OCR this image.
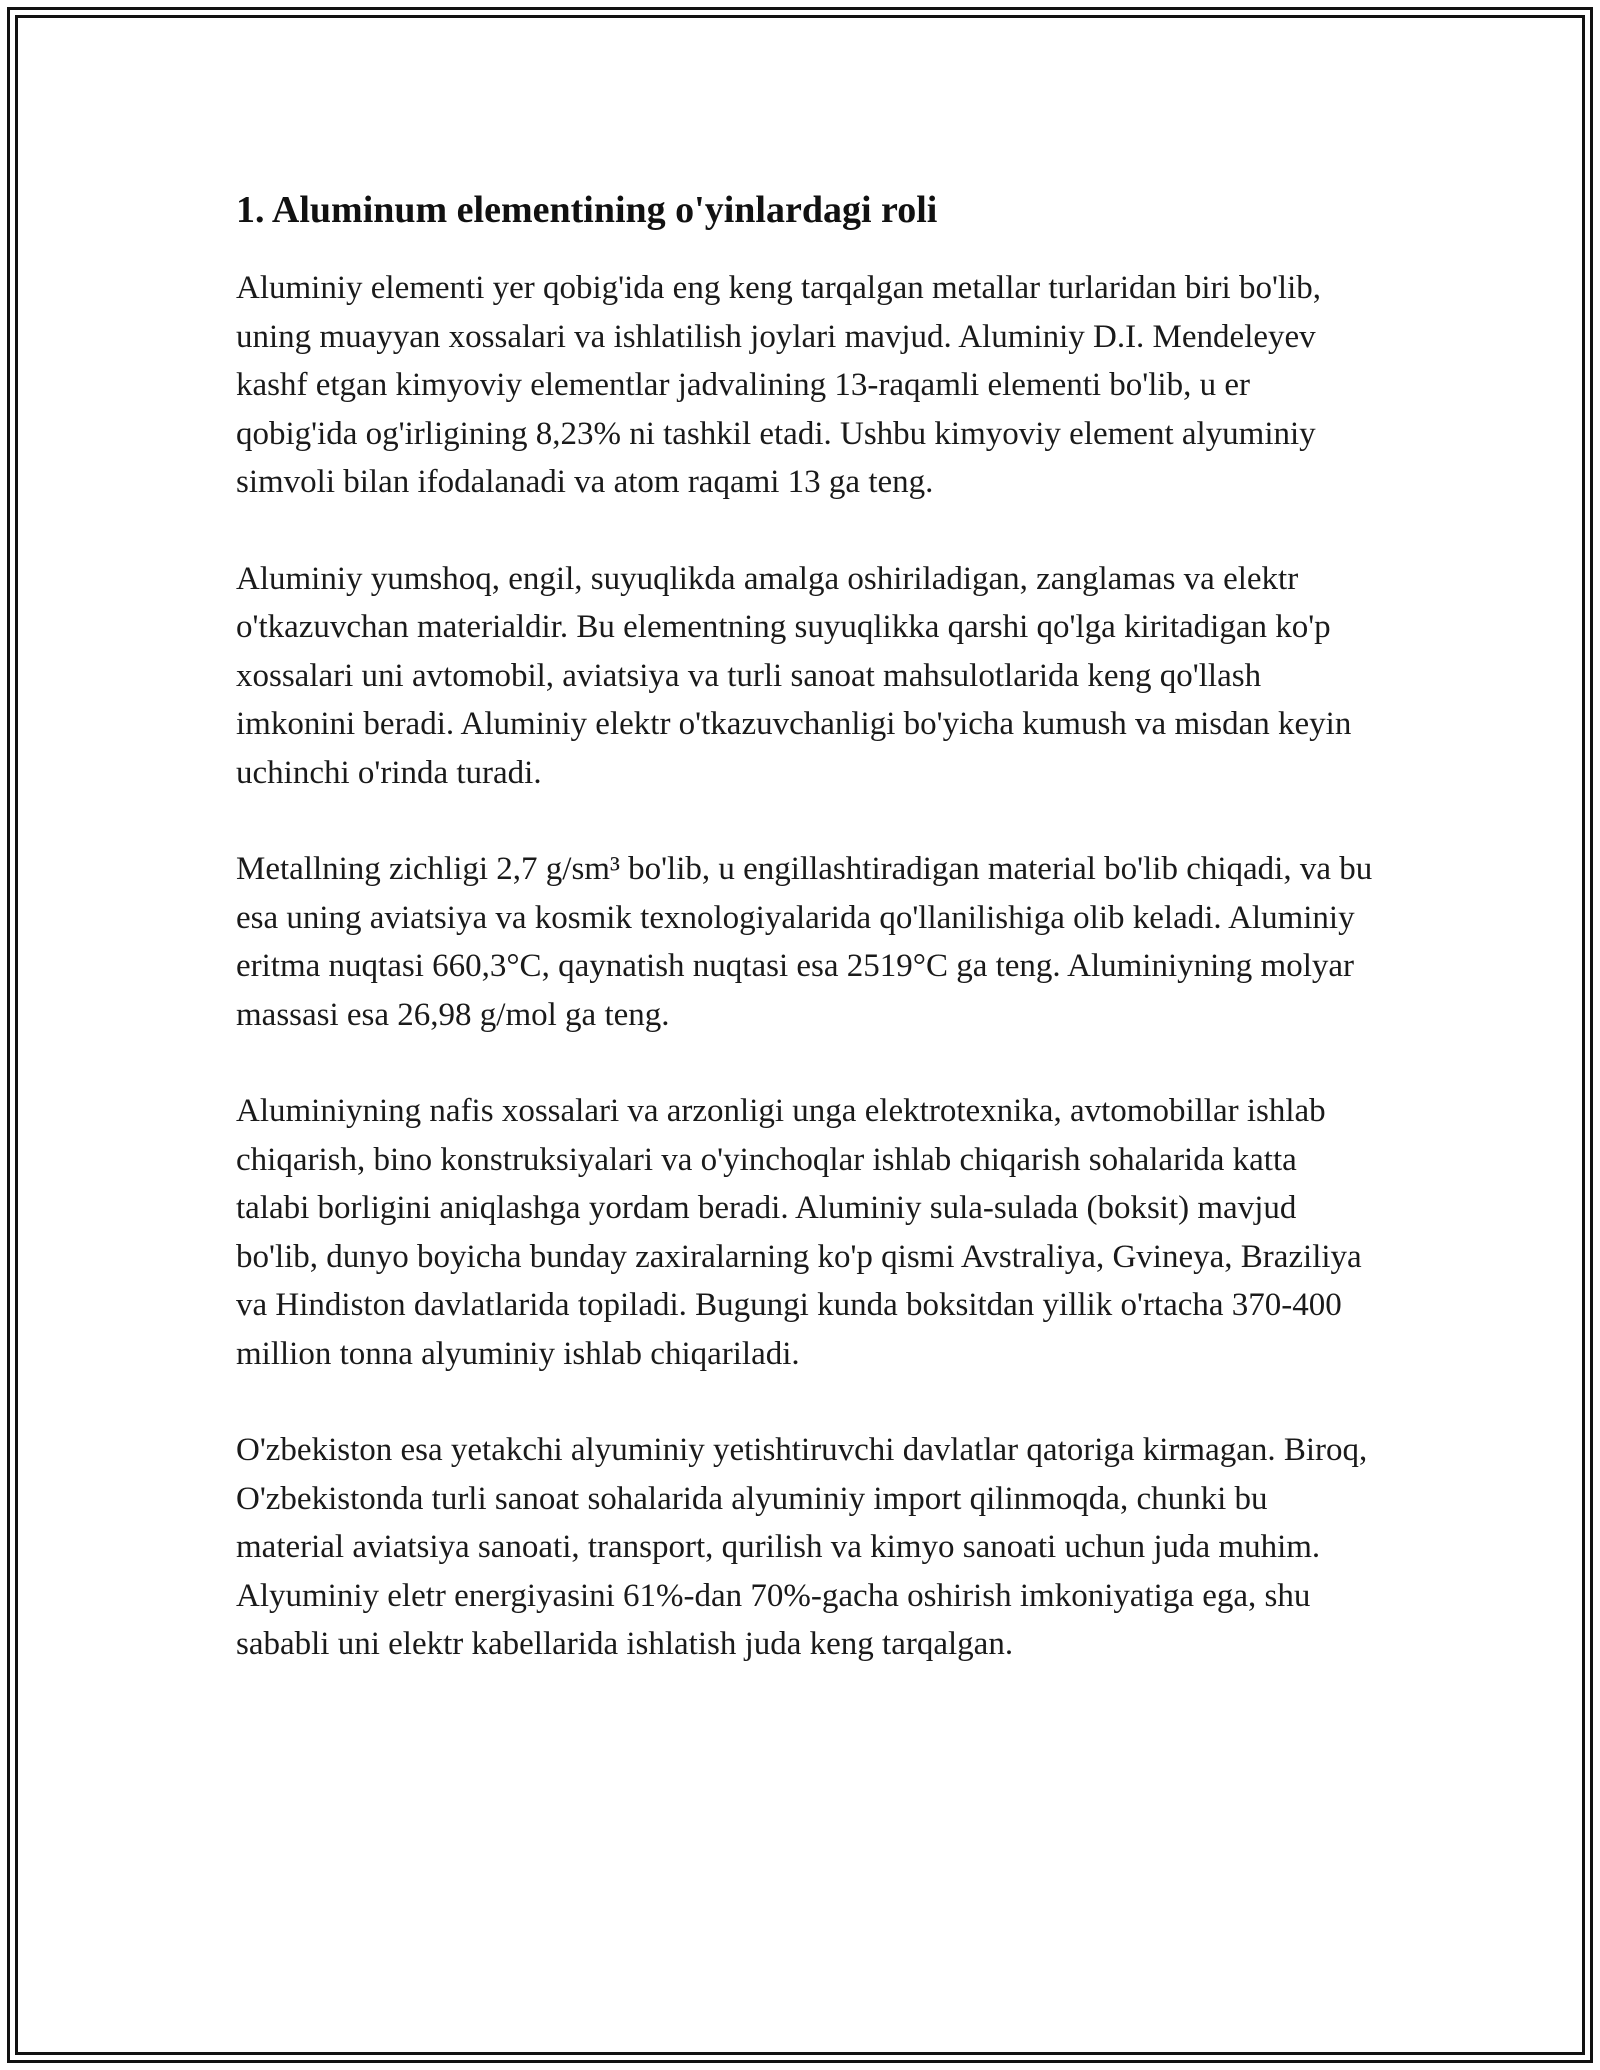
1. Aluminum elementining o'yinlardagi roli

Aluminiy elementi yer qobig'ida eng keng tarqalgan metallar turlaridan biri bo'lib, uning muayyan xossalari va ishlatilish joylari mavjud. Aluminiy D.I. Mendeleyev kashf etgan kimyoviy elementlar jadvalining 13-raqamli elementi bo'lib, u er qobig'ida og'irligining 8,23% ni tashkil etadi. Ushbu kimyoviy element alyuminiy simvoli bilan ifodalanadi va atom raqami 13 ga teng.

Aluminiy yumshoq, engil, suyuqlikda amalga oshiriladigan, zanglamas va elektr o'tkazuvchan materialdir. Bu elementning suyuqlikka qarshi qo'lga kiritadigan ko'p xossalari uni avtomobil, aviatsiya va turli sanoat mahsulotlarida keng qo'llash imkonini beradi. Aluminiy elektr o'tkazuvchanligi bo'yicha kumush va misdan keyin uchinchi o'rinda turadi.

Metallning zichligi 2,7 g/sm³ bo'lib, u engillashtiradigan material bo'lib chiqadi, va bu esa uning aviatsiya va kosmik texnologiyalarida qo'llanilishiga olib keladi. Aluminiy eritma nuqtasi 660,3°C, qaynatish nuqtasi esa 2519°C ga teng. Aluminiyning molyar massasi esa 26,98 g/mol ga teng.

Aluminiyning nafis xossalari va arzonligi unga elektrotexnika, avtomobillar ishlab chiqarish, bino konstruksiyalari va o'yinchoqlar ishlab chiqarish sohalarida katta talabi borligini aniqlashga yordam beradi. Aluminiy sula-sulada (boksit) mavjud bo'lib, dunyo boyicha bunday zaxiralarning ko'p qismi Avstraliya, Gvineya, Braziliya va Hindiston davlatlarida topiladi. Bugungi kunda boksitdan yillik o'rtacha 370-400 million tonna alyuminiy ishlab chiqariladi.

O'zbekiston esa yetakchi alyuminiy yetishtiruvchi davlatlar qatoriga kirmagan. Biroq, O'zbekistonda turli sanoat sohalarida alyuminiy import qilinmoqda, chunki bu material aviatsiya sanoati, transport, qurilish va kimyo sanoati uchun juda muhim. Alyuminiy eletr energiyasini 61%-dan 70%-gacha oshirish imkoniyatiga ega, shu sababli uni elektr kabellarida ishlatish juda keng tarqalgan.
